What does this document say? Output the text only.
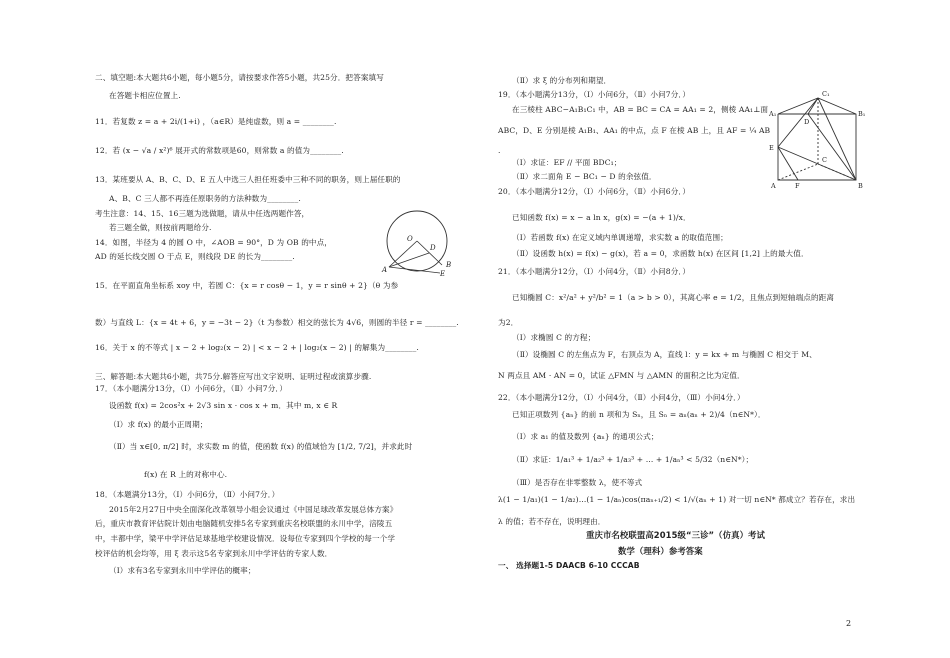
二、填空题:本大题共6小题，每小题5分，请按要求作答5小题，共25分．把答案填写
在答题卡相应位置上.
11．若复数 z = a + 2i/(1+i) ，（a∈R）是纯虚数，则 a = ________.
12．若 (x − √a / x²)⁶ 展开式的常数项是60，则常数 a 的值为________.
13．某班要从 A、B、C、D、E 五人中选三人担任班委中三种不同的职务，则上届任职的
A、B、C 三人都不再连任原职务的方法种数为________.
考生注意：14、15、16三题为选做题，请从中任选两题作答，
若三题全做，则按前两题给分.
14．如图，半径为 4 的圆 O 中，∠AOB = 90°，D 为 OB 的中点，
AD 的延长线交圆 O 于点 E，则线段 DE 的长为________.
15．在平面直角坐标系 xoy 中，若圆 C：{x = r cosθ − 1，y = r sinθ + 2}（θ 为参
数）与直线 L：{x = 4t + 6，y = −3t − 2}（t 为参数）相交的弦长为 4√6，则圆的半径 r = ________.
16．关于 x 的不等式 | x − 2 + log₂(x − 2) | < x − 2 + | log₂(x − 2) | 的解集为________.
三、解答题:本大题共6小题，共75分.解答应写出文字说明、证明过程或演算步骤.
17．（本小题满分13分，（Ⅰ）小问6分，（Ⅱ）小问7分．）
设函数 f(x) = 2cos²x + 2√3 sin x · cos x + m．其中 m, x ∈ R
（Ⅰ）求 f(x) 的最小正周期；
（Ⅱ）当 x∈[0, π/2] 时，求实数 m 的值，使函数 f(x) 的值域恰为 [1/2, 7/2]，并求此时
f(x) 在 R 上的对称中心.
18．（本题满分13分，（Ⅰ）小问6分，（Ⅱ）小问7分．）
2015年2月27日中央全面深化改革领导小组会议通过《中国足球改革发展总体方案》
后，重庆市教育评估院计划由电脑随机安排5名专家到重庆名校联盟的永川中学，涪陵五
中，丰都中学，梁平中学评估足球基地学校建设情况．设每位专家到四个学校的每一个学
校评估的机会均等，用 ξ 表示这5名专家到永川中学评估的专家人数．
（Ⅰ）求有3名专家到永川中学评估的概率；
重庆市名校联盟高2015级“三诊”（仿真）考试
数学（理科）参考答案
一、 选择题1-5 DAACB 6-10 CCCAB
（Ⅱ）求 ξ 的分布列和期望．
19．（本小题满分13分，（Ⅰ）小问6分，（Ⅱ）小问7分．）
在三棱柱 ABC−A₁B₁C₁ 中，AB = BC = CA = AA₁ = 2，侧棱 AA₁⊥面
ABC，D、E 分别是棱 A₁B₁、AA₁ 的中点，点 F 在棱 AB 上，且 AF = ¼ AB
.
（Ⅰ）求证：EF // 平面 BDC₁；
（Ⅱ）求二面角 E − BC₁ − D 的余弦值．
20．（本小题满分12分，（Ⅰ）小问6分，（Ⅱ）小问6分．）
已知函数 f(x) = x − a ln x，g(x) = −(a + 1)/x．
（Ⅰ）若函数 f(x) 在定义域内单调递增，求实数 a 的取值范围；
（Ⅱ）设函数 h(x) = f(x) − g(x)，若 a = 0，求函数 h(x) 在区间 [1,2] 上的最大值．
21．（本小题满分12分，（Ⅰ）小问4分，（Ⅱ）小问8分．）
已知椭圆 C：x²/a² + y²/b² = 1（a > b > 0），其离心率 e = 1/2，且焦点到短轴端点的距离
为2．
（Ⅰ）求椭圆 C 的方程；
（Ⅱ）设椭圆 C 的左焦点为 F，右顶点为 A，直线 l：y = kx + m 与椭圆 C 相交于 M、
N 两点且 AM · AN = 0，试证 △FMN 与 △AMN 的面积之比为定值．
22．（本小题满分12分，（Ⅰ）小问4分，（Ⅱ）小问4分，（Ⅲ）小问4分．）
已知正项数列 {aₙ} 的前 n 项和为 Sₙ，且 Sₙ = aₙ(aₙ + 2)/4（n∈N*）．
（Ⅰ）求 a₁ 的值及数列 {aₙ} 的通项公式；
（Ⅱ）求证：1/a₁³ + 1/a₂³ + 1/a₃³ + … + 1/aₙ³ < 5/32（n∈N*）；
（Ⅲ）是否存在非零整数 λ，使不等式
λ(1 − 1/a₁)(1 − 1/a₂)…(1 − 1/aₙ)cos(πaₙ₊₁/2) < 1/√(aₙ + 1) 对一切 n∈N* 都成立？若存在，求出
λ 的值；若不存在，说明理由．
O
D
A	E
B
C₁
A₁	B₁
D
E
A	B
F
C
2
